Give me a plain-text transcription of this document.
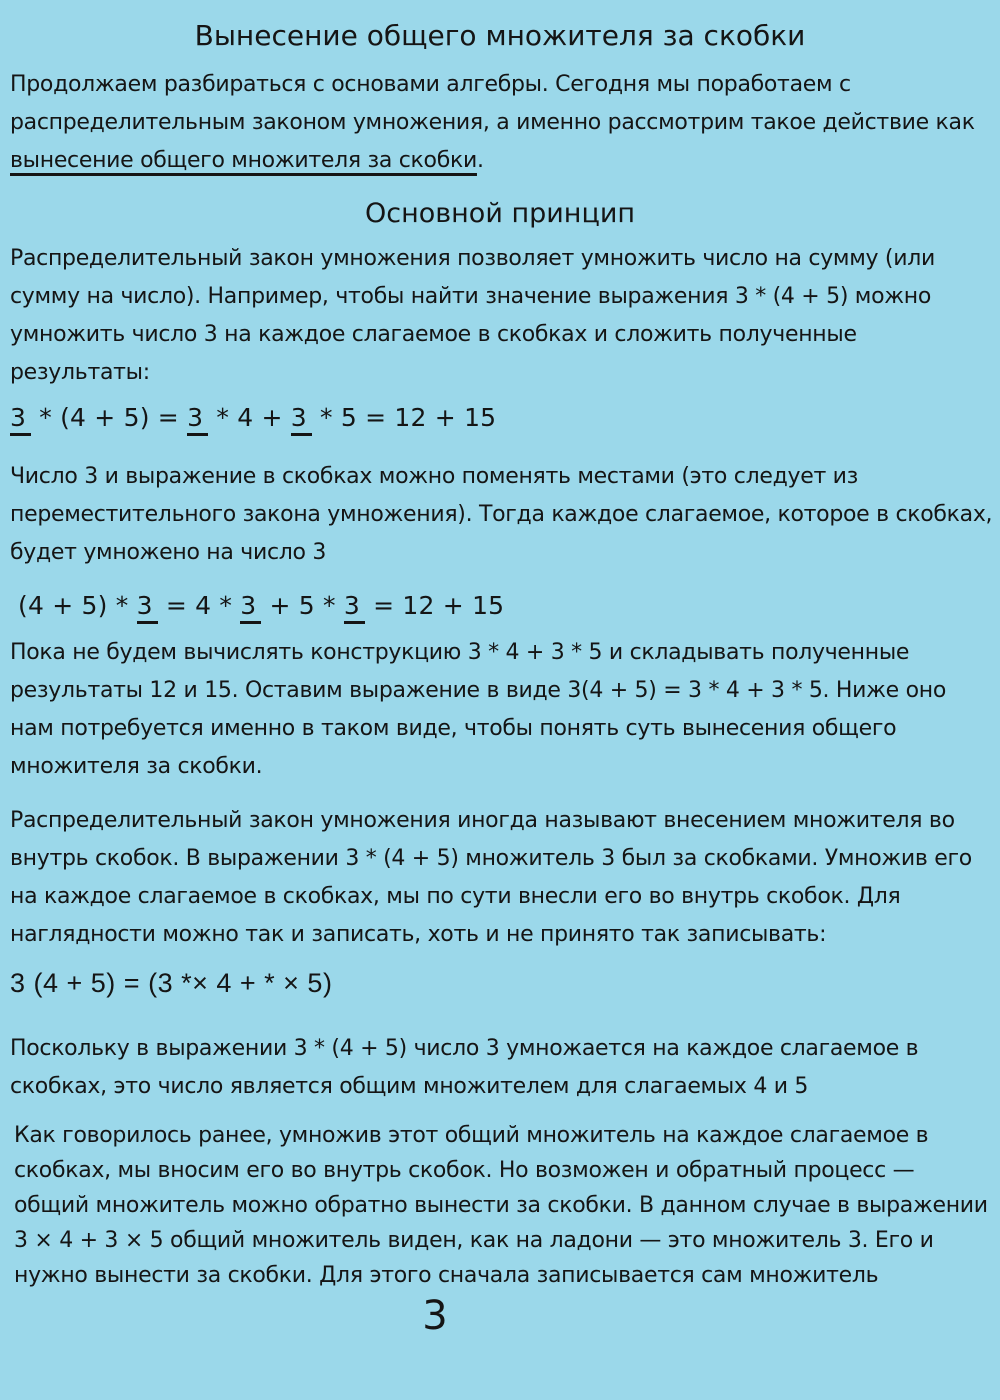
Вынесение общего множителя за скобки
Продолжаем разбираться с основами алгебры. Сегодня мы поработаем с
распределительным законом умножения, а именно рассмотрим такое действие как
вынесение общего множителя за скобки.
Основной принцип
Распределительный закон умножения позволяет умножить число на сумму (или
сумму на число). Например, чтобы найти значение выражения 3 * (4 + 5) можно
умножить число 3 на каждое слагаемое в скобках и сложить полученные
результаты:
3 * (4 + 5) = 3 * 4 + 3 * 5 = 12 + 15
Число 3 и выражение в скобках можно поменять местами (это следует из
переместительного закона умножения). Тогда каждое слагаемое, которое в скобках,
будет умножено на число 3
(4 + 5) * 3 = 4 * 3 + 5 * 3 = 12 + 15
Пока не будем вычислять конструкцию 3 * 4 + 3 * 5 и складывать полученные
результаты 12 и 15. Оставим выражение в виде 3(4 + 5) = 3 * 4 + 3 * 5. Ниже оно
нам потребуется именно в таком виде, чтобы понять суть вынесения общего
множителя за скобки.
Распределительный закон умножения иногда называют внесением множителя во
внутрь скобок. В выражении 3 * (4 + 5) множитель 3 был за скобками. Умножив его
на каждое слагаемое в скобках, мы по сути внесли его во внутрь скобок. Для
наглядности можно так и записать, хоть и не принято так записывать:
3 (4 + 5) = (3 *× 4 + * × 5)
Поскольку в выражении 3 * (4 + 5) число 3 умножается на каждое слагаемое в
скобках, это число является общим множителем для слагаемых 4 и 5
Как говорилось ранее, умножив этот общий множитель на каждое слагаемое в
скобках, мы вносим его во внутрь скобок. Но возможен и обратный процесс —
общий множитель можно обратно вынести за скобки. В данном случае в выражении
3 × 4 + 3 × 5 общий множитель виден, как на ладони — это множитель 3. Его и
нужно вынести за скобки. Для этого сначала записывается сам множитель
3
